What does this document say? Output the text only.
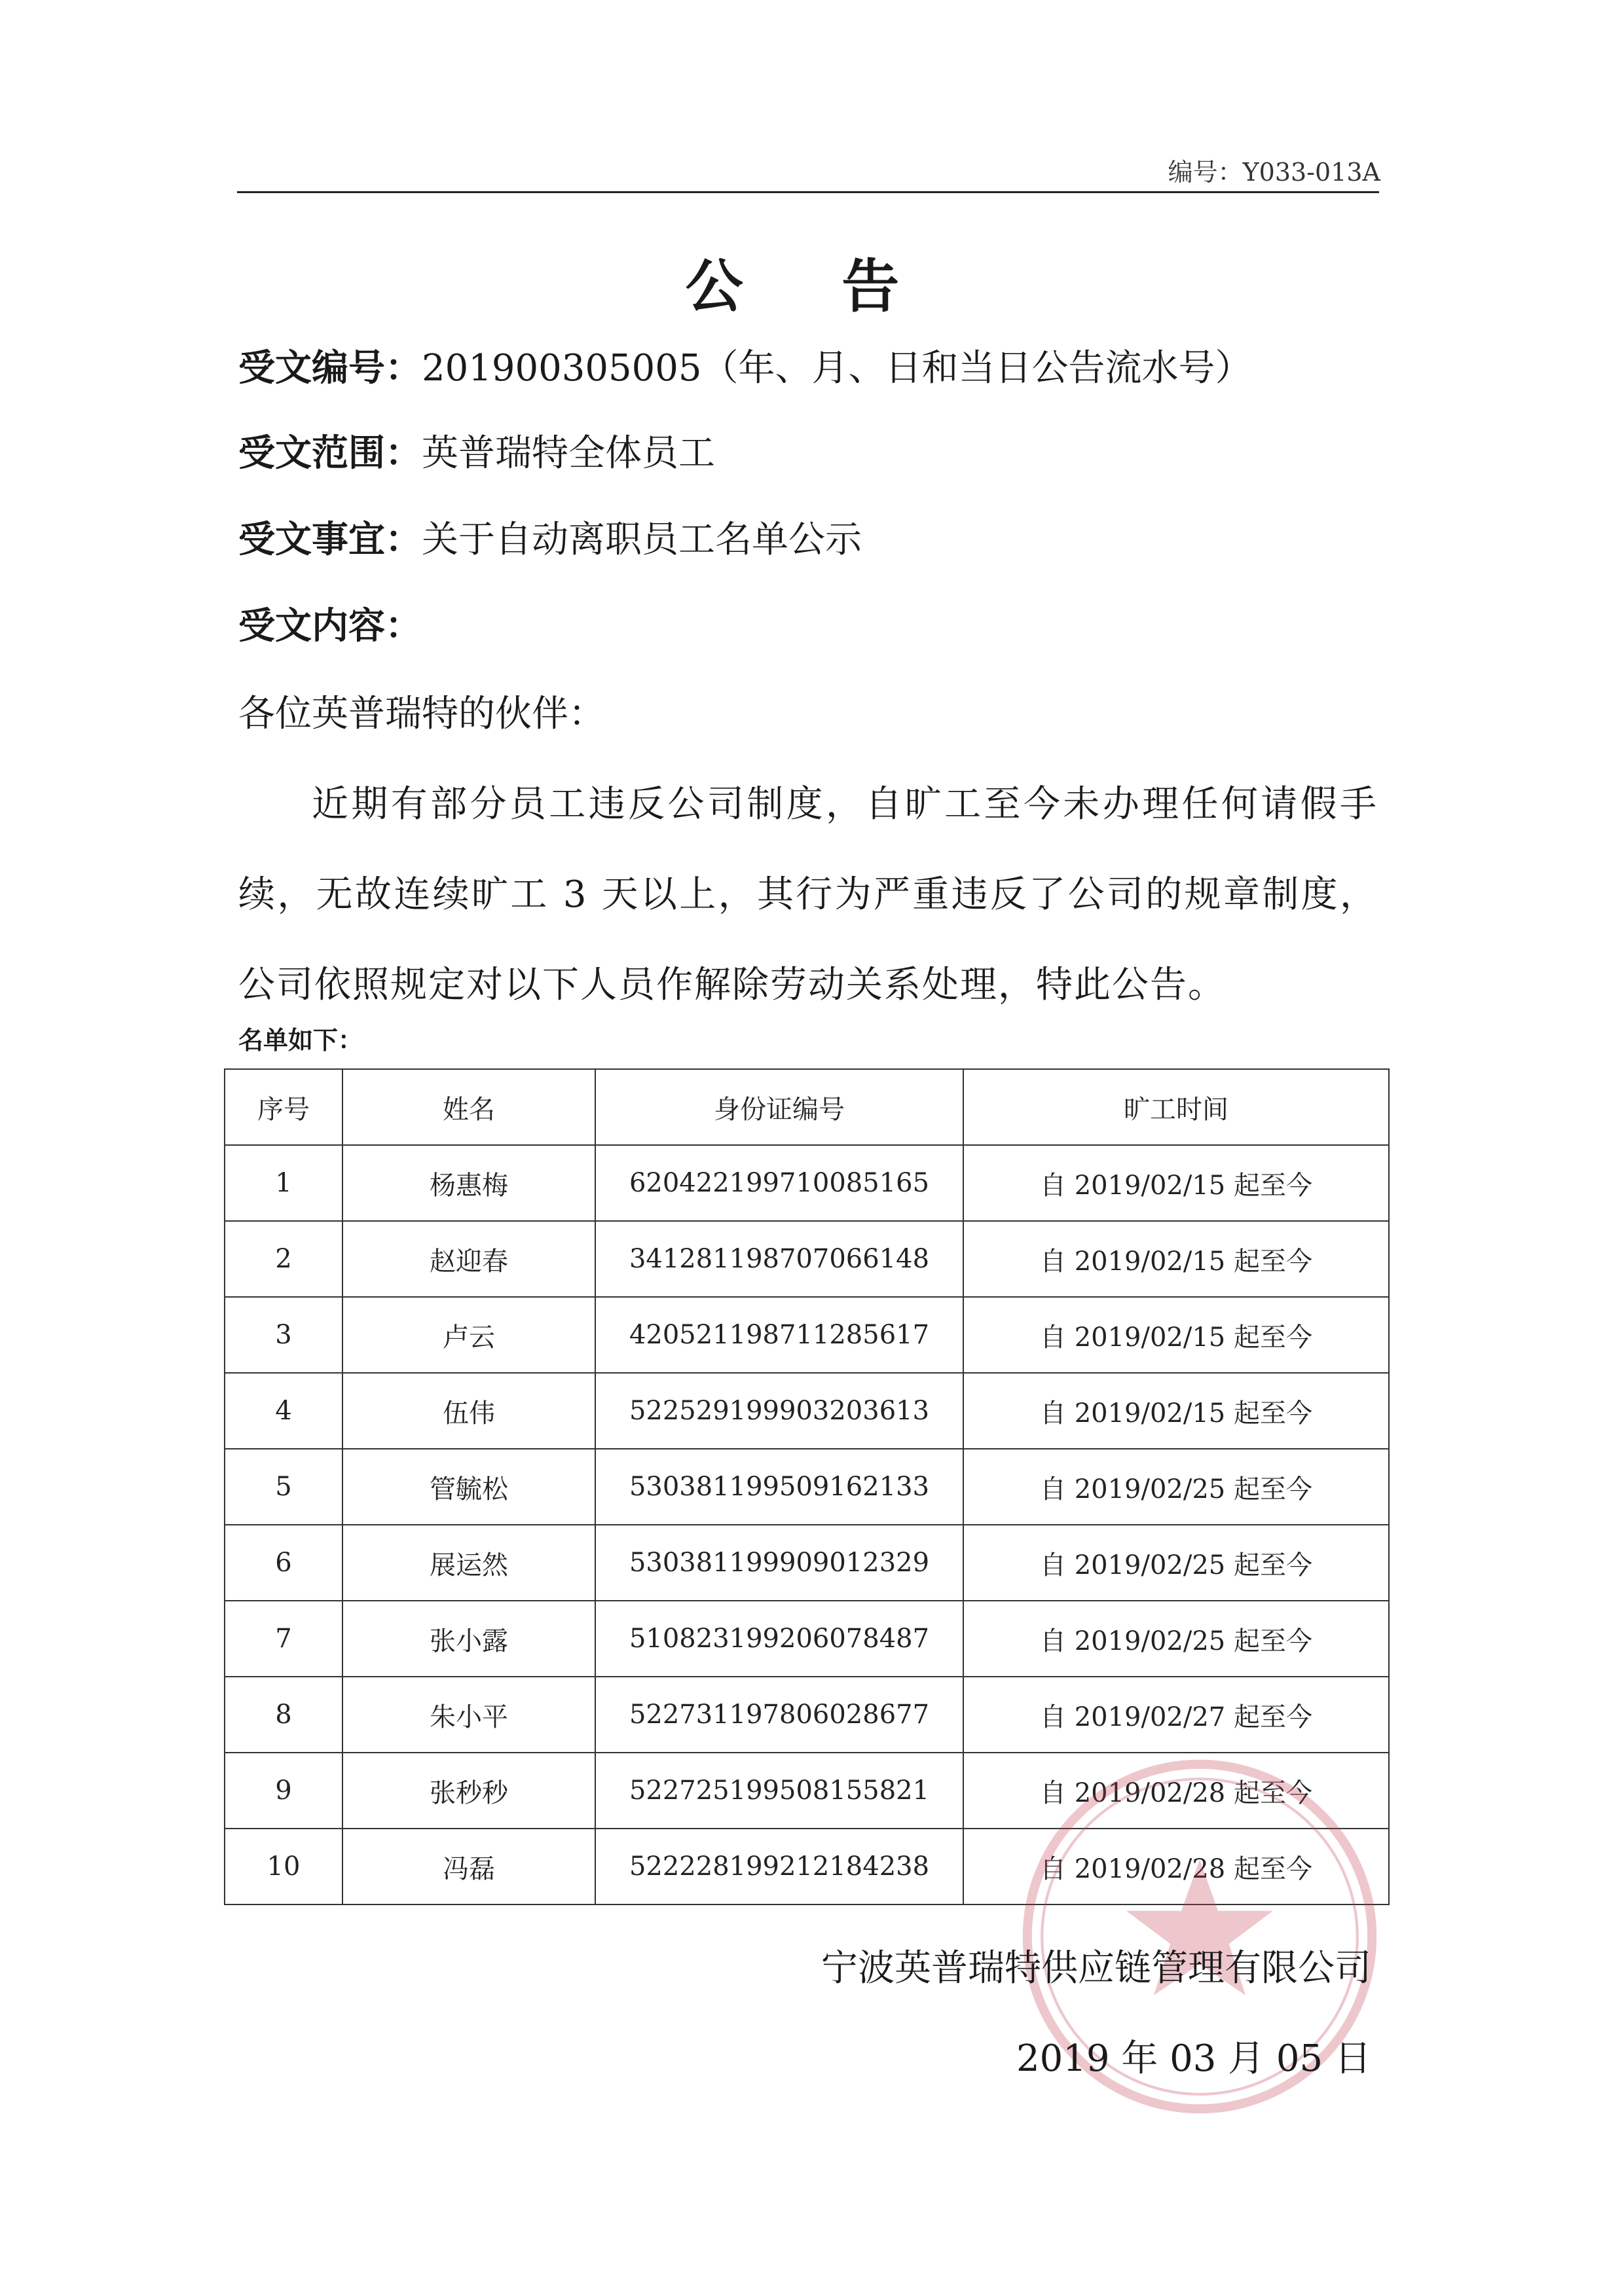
编号：Y033-013A
公 告
受文编号：201900305005（年、月、日和当日公告流水号）
受文范围：英普瑞特全体员工
受文事宜：关于自动离职员工名单公示
受文内容：
各位英普瑞特的伙伴：
近期有部分员工违反公司制度，自旷工至今未办理任何请假手续，无故连续旷工 3 天以上，其行为严重违反了公司的规章制度，公司依照规定对以下人员作解除劳动关系处理，特此公告。
名单如下：
序号	姓名	身份证编号	旷工时间
1	杨惠梅	620422199710085165	自 2019/02/15 起至今
2	赵迎春	341281198707066148	自 2019/02/15 起至今
3	卢云	420521198711285617	自 2019/02/15 起至今
4	伍伟	522529199903203613	自 2019/02/15 起至今
5	管毓松	530381199509162133	自 2019/02/25 起至今
6	展运然	530381199909012329	自 2019/02/25 起至今
7	张小露	510823199206078487	自 2019/02/25 起至今
8	朱小平	522731197806028677	自 2019/02/27 起至今
9	张秒秒	522725199508155821	自 2019/02/28 起至今
10	冯磊	522228199212184238	自 2019/02/28 起至今
宁波英普瑞特供应链管理有限公司
2019 年 03 月 05 日
